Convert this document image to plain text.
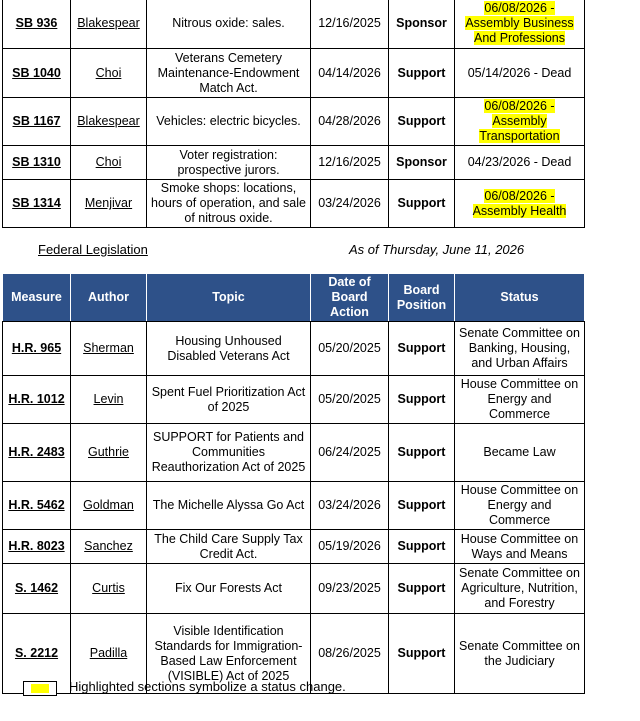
SB 936	Blakespear	Nitrous oxide: sales.	12/16/2025	Sponsor	06/08/2026 - Assembly Business And Professions
SB 1040	Choi	Veterans Cemetery Maintenance-Endowment Match Act.	04/14/2026	Support	05/14/2026 - Dead
SB 1167	Blakespear	Vehicles: electric bicycles.	04/28/2026	Support	06/08/2026 - Assembly Transportation
SB 1310	Choi	Voter registration: prospective jurors.	12/16/2025	Sponsor	04/23/2026 - Dead
SB 1314	Menjivar	Smoke shops: locations, hours of operation, and sale of nitrous oxide.	03/24/2026	Support	06/08/2026 - Assembly Health
Federal Legislation	As of Thursday, June 11, 2026
Measure	Author	Topic	Date of Board Action	Board Position	Status
H.R. 965	Sherman	Housing Unhoused Disabled Veterans Act	05/20/2025	Support	Senate Committee on Banking, Housing, and Urban Affairs
H.R. 1012	Levin	Spent Fuel Prioritization Act of 2025	05/20/2025	Support	House Committee on Energy and Commerce
H.R. 2483	Guthrie	SUPPORT for Patients and Communities Reauthorization Act of 2025	06/24/2025	Support	Became Law
H.R. 5462	Goldman	The Michelle Alyssa Go Act	03/24/2026	Support	House Committee on Energy and Commerce
H.R. 8023	Sanchez	The Child Care Supply Tax Credit Act.	05/19/2026	Support	House Committee on Ways and Means
S. 1462	Curtis	Fix Our Forests Act	09/23/2025	Support	Senate Committee on Agriculture, Nutrition, and Forestry
S. 2212	Padilla	Visible Identification Standards for Immigration-Based Law Enforcement (VISIBLE) Act of 2025	08/26/2025	Support	Senate Committee on the Judiciary
Highlighted sections symbolize a status change.
